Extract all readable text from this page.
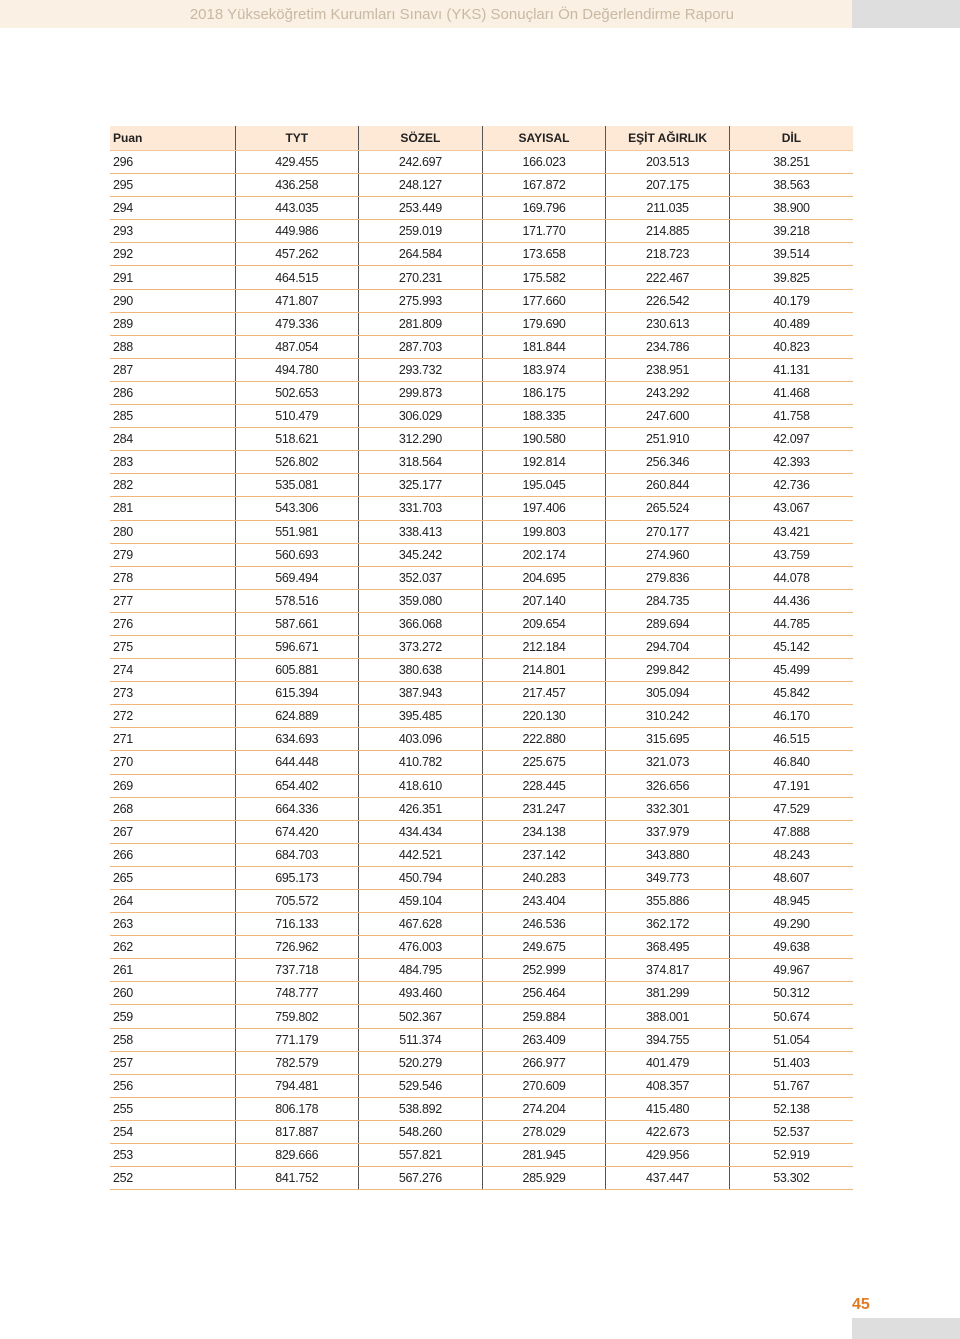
2018 Yükseköğretim Kurumları Sınavı (YKS) Sonuçları Ön Değerlendirme Raporu
Puan	TYT	SÖZEL	SAYISAL	EŞİT AĞIRLIK	DİL
296	429.455	242.697	166.023	203.513	38.251
295	436.258	248.127	167.872	207.175	38.563
294	443.035	253.449	169.796	211.035	38.900
293	449.986	259.019	171.770	214.885	39.218
292	457.262	264.584	173.658	218.723	39.514
291	464.515	270.231	175.582	222.467	39.825
290	471.807	275.993	177.660	226.542	40.179
289	479.336	281.809	179.690	230.613	40.489
288	487.054	287.703	181.844	234.786	40.823
287	494.780	293.732	183.974	238.951	41.131
286	502.653	299.873	186.175	243.292	41.468
285	510.479	306.029	188.335	247.600	41.758
284	518.621	312.290	190.580	251.910	42.097
283	526.802	318.564	192.814	256.346	42.393
282	535.081	325.177	195.045	260.844	42.736
281	543.306	331.703	197.406	265.524	43.067
280	551.981	338.413	199.803	270.177	43.421
279	560.693	345.242	202.174	274.960	43.759
278	569.494	352.037	204.695	279.836	44.078
277	578.516	359.080	207.140	284.735	44.436
276	587.661	366.068	209.654	289.694	44.785
275	596.671	373.272	212.184	294.704	45.142
274	605.881	380.638	214.801	299.842	45.499
273	615.394	387.943	217.457	305.094	45.842
272	624.889	395.485	220.130	310.242	46.170
271	634.693	403.096	222.880	315.695	46.515
270	644.448	410.782	225.675	321.073	46.840
269	654.402	418.610	228.445	326.656	47.191
268	664.336	426.351	231.247	332.301	47.529
267	674.420	434.434	234.138	337.979	47.888
266	684.703	442.521	237.142	343.880	48.243
265	695.173	450.794	240.283	349.773	48.607
264	705.572	459.104	243.404	355.886	48.945
263	716.133	467.628	246.536	362.172	49.290
262	726.962	476.003	249.675	368.495	49.638
261	737.718	484.795	252.999	374.817	49.967
260	748.777	493.460	256.464	381.299	50.312
259	759.802	502.367	259.884	388.001	50.674
258	771.179	511.374	263.409	394.755	51.054
257	782.579	520.279	266.977	401.479	51.403
256	794.481	529.546	270.609	408.357	51.767
255	806.178	538.892	274.204	415.480	52.138
254	817.887	548.260	278.029	422.673	52.537
253	829.666	557.821	281.945	429.956	52.919
252	841.752	567.276	285.929	437.447	53.302
45
